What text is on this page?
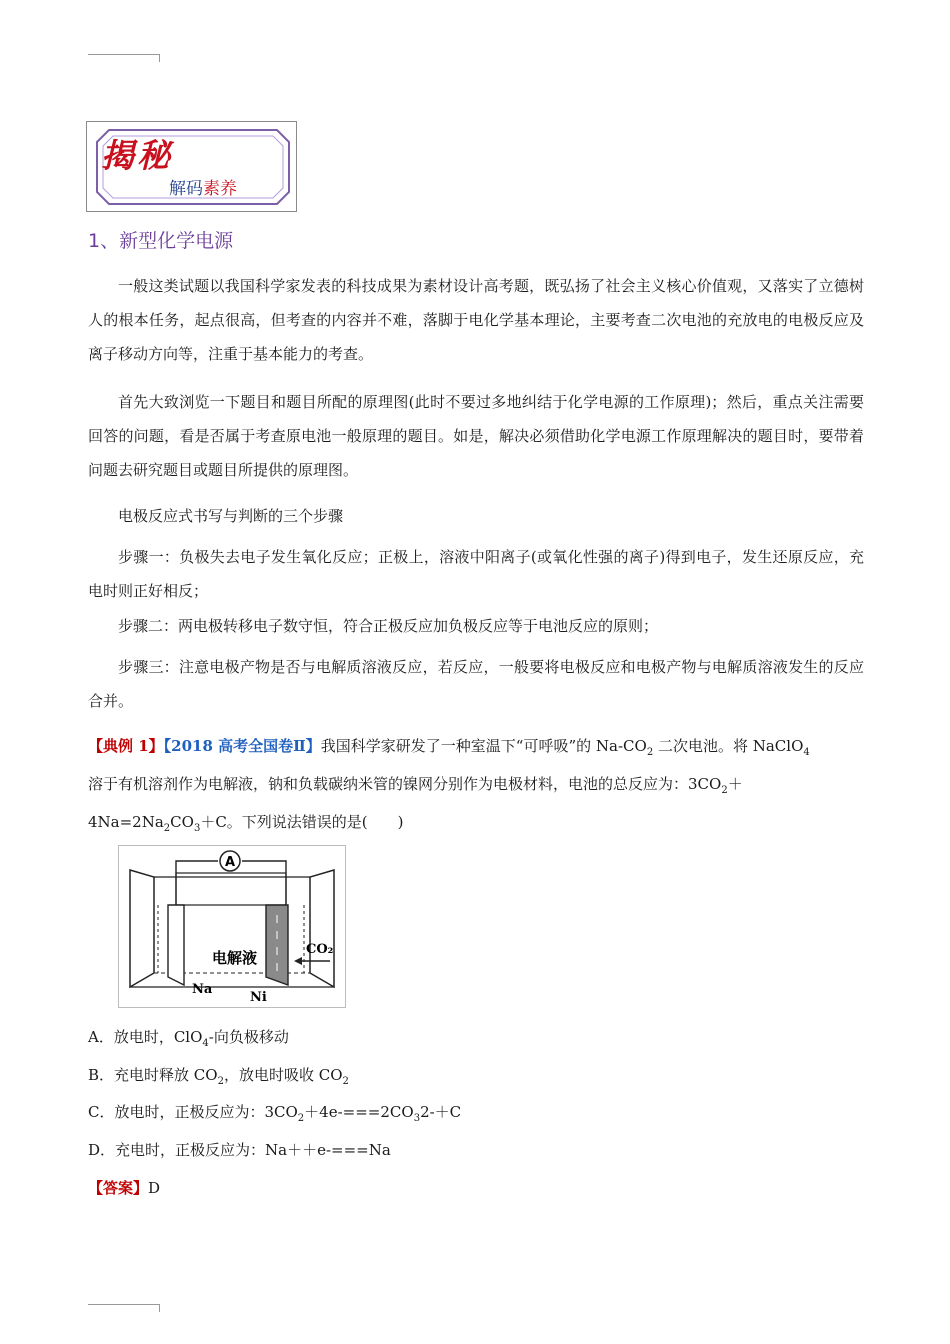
揭秘
解码素养
1、新型化学电源
一般这类试题以我国科学家发表的科技成果为素材设计高考题，既弘扬了社会主义核心价值观，又落实了立德树人的根本任务，起点很高，但考查的内容并不难，落脚于电化学基本理论，主要考查二次电池的充放电的电极反应及离子移动方向等，注重于基本能力的考查。
首先大致浏览一下题目和题目所配的原理图(此时不要过多地纠结于化学电源的工作原理)；然后，重点关注需要回答的问题，看是否属于考查原电池一般原理的题目。如是，解决必须借助化学电源工作原理解决的题目时，要带着问题去研究题目或题目所提供的原理图。
电极反应式书写与判断的三个步骤
步骤一：负极失去电子发生氧化反应；正极上，溶液中阳离子(或氧化性强的离子)得到电子，发生还原反应，充电时则正好相反；
步骤二：两电极转移电子数守恒，符合正极反应加负极反应等于电池反应的原则；
步骤三：注意电极产物是否与电解质溶液反应，若反应，一般要将电极反应和电极产物与电解质溶液发生的反应合并。
【典例 1】【2018 高考全国卷Ⅱ】我国科学家研发了一种室温下“可呼吸”的 $Na-CO_2$ 二次电池。将 NaClO$_4$
溶于有机溶剂作为电解液，钠和负载碳纳米管的镍网分别作为电极材料，电池的总反应为：$3CO_2+$
$4Na=2Na_2CO_3+C$。下列说法错误的是(　　)
A
CO₂
电解液
Na
Ni
A．放电时，ClO$_4$-向负极移动
B．充电时释放 $CO_2$，放电时吸收 $CO_2$
C．放电时，正极反应为：$3CO_2+4e-===2CO_32-+C$
D．充电时，正极反应为：Na＋＋e-===Na
【答案】D
